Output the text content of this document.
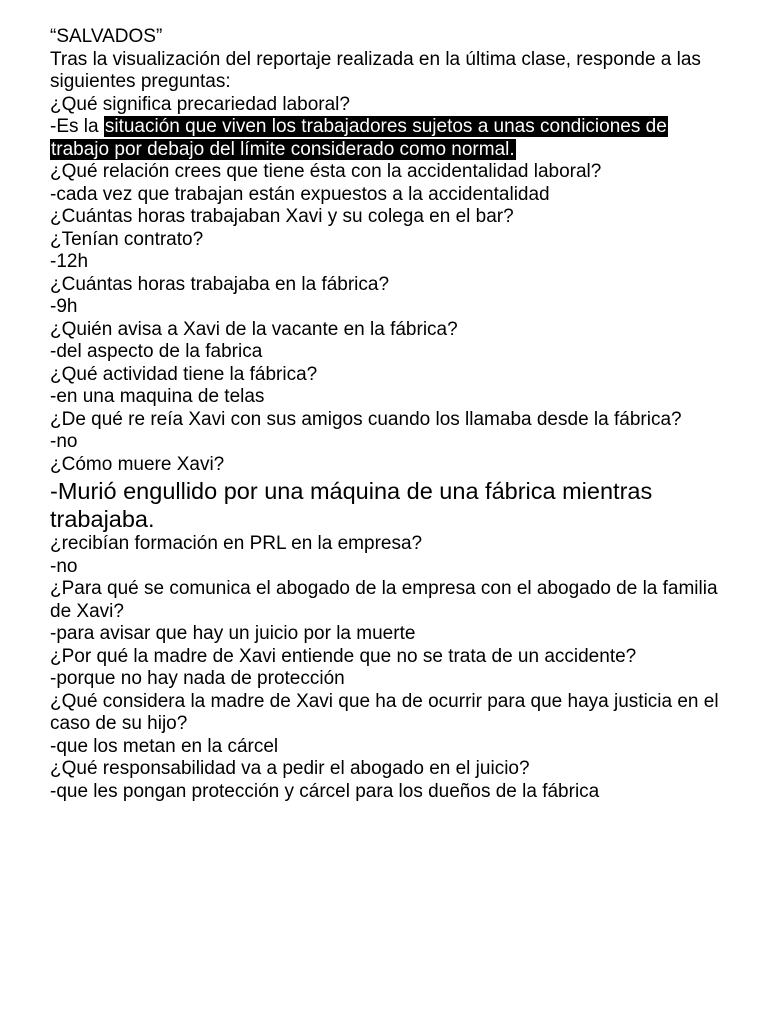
“SALVADOS”
Tras la visualización del reportaje realizada en la última clase, responde a las siguientes preguntas:
¿Qué significa precariedad laboral?
-Es la situación que viven los trabajadores sujetos a unas condiciones de trabajo por debajo del límite considerado como normal.
¿Qué relación crees que tiene ésta con la accidentalidad laboral?
-cada vez que trabajan están expuestos a la accidentalidad
¿Cuántas horas trabajaban Xavi y su colega en el bar?
¿Tenían contrato?
-12h
¿Cuántas horas trabajaba en la fábrica?
-9h
¿Quién avisa a Xavi de la vacante en la fábrica?
-del aspecto de la fabrica
¿Qué actividad tiene la fábrica?
-en una maquina de telas
¿De qué re reía Xavi con sus amigos cuando los llamaba desde la fábrica?
-no
¿Cómo muere Xavi?
-Murió engullido por una máquina de una fábrica mientras trabajaba.
¿recibían formación en PRL en la empresa?
-no
¿Para qué se comunica el abogado de la empresa con el abogado de la familia de Xavi?
-para avisar que hay un juicio por la muerte
¿Por qué la madre de Xavi entiende que no se trata de un accidente?
-porque no hay nada de protección
¿Qué considera la madre de Xavi que ha de ocurrir para que haya justicia en el caso de su hijo?
-que los metan en la cárcel
¿Qué responsabilidad va a pedir el abogado en el juicio?
-que les pongan protección y cárcel para los dueños de la fábrica
